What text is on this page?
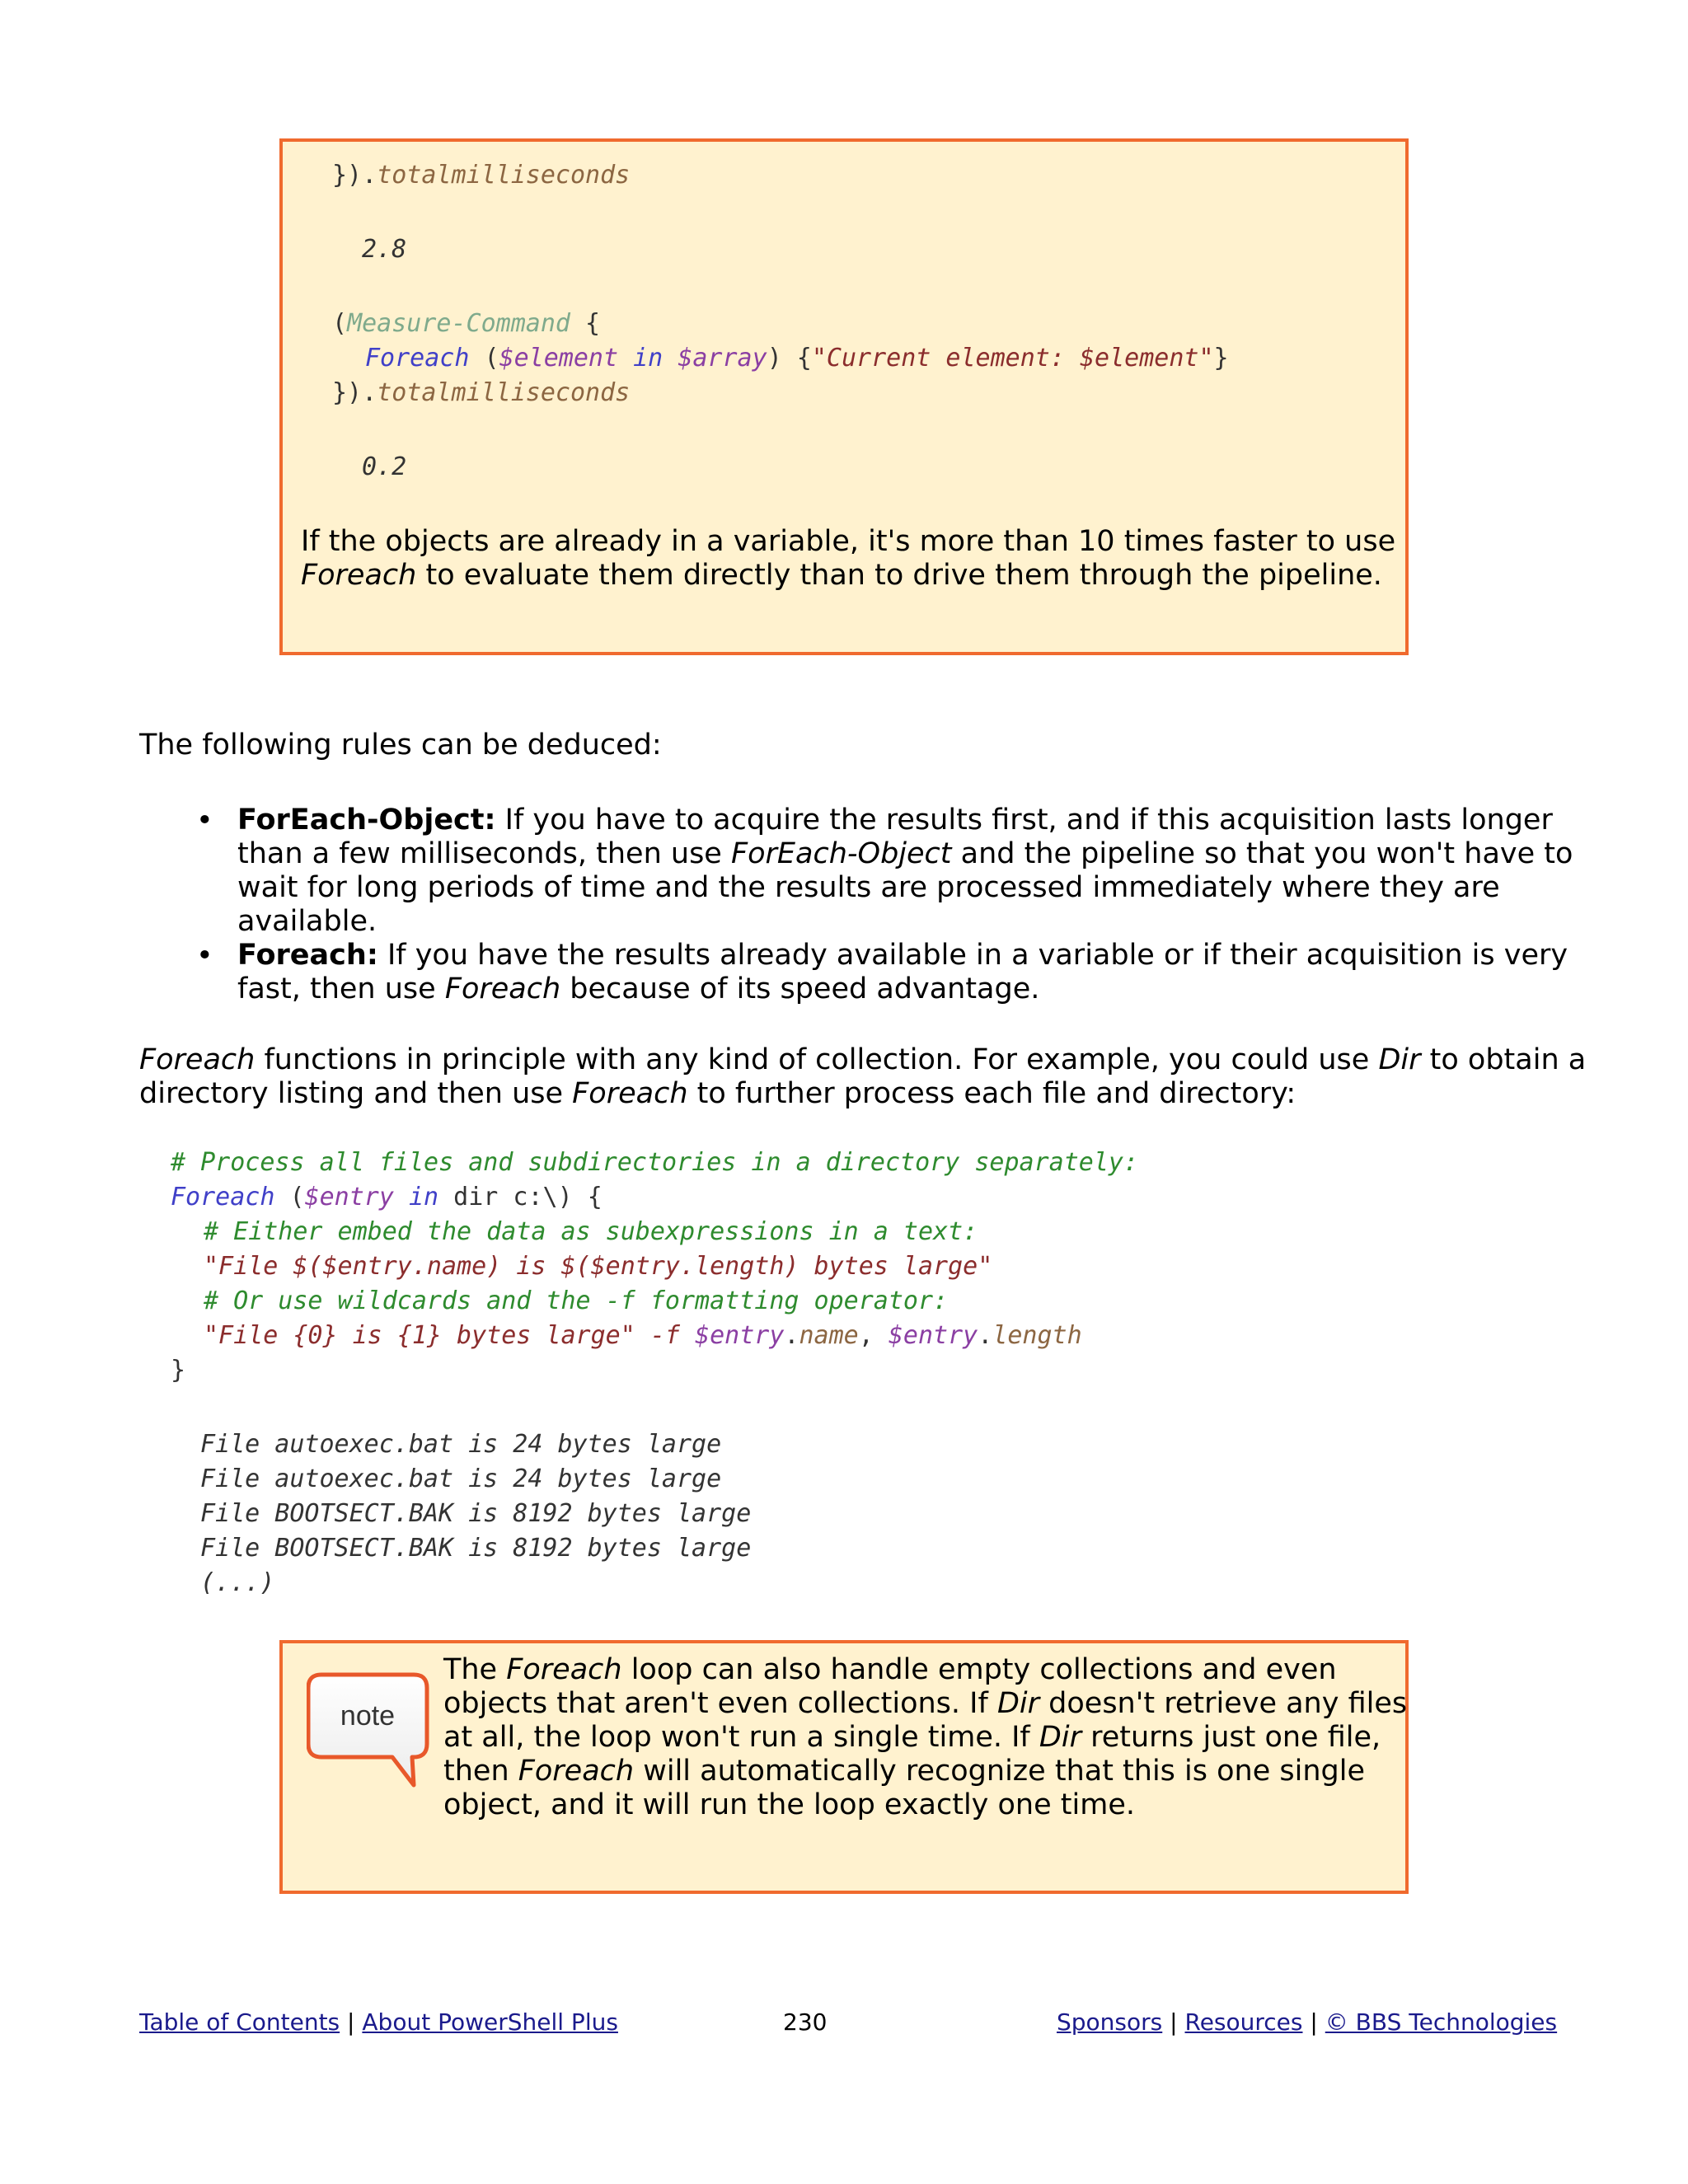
}).totalmilliseconds
2.8
(Measure-Command {
Foreach ($element in $array) {"Current element: $element"}
}).totalmilliseconds
0.2

If the objects are already in a variable, it's more than 10 times faster to use

Foreach to evaluate them directly than to drive them through the pipeline.

The following rules can be deduced:
• ForEach-Object: If you have to acquire the results first, and if this acquisition lasts longer
than a few milliseconds, then use ForEach-Object and the pipeline so that you won't have to
wait for long periods of time and the results are processed immediately where they are
available.
• Foreach: If you have the results already available in a variable or if their acquisition is very
fast, then use Foreach because of its speed advantage.

Foreach functions in principle with any kind of collection. For example, you could use Dir to obtain a

directory listing and then use Foreach to further process each file and directory:

# Process all files and subdirectories in a directory separately:
Foreach ($entry in dir c:\) {
# Either embed the data as subexpressions in a text:
"File $($entry.name) is $($entry.length) bytes large"
# Or use wildcards and the -f formatting operator:
"File {0} is {1} bytes large" -f $entry.name, $entry.length
}
File autoexec.bat is 24 bytes large
File autoexec.bat is 24 bytes large
File BOOTSECT.BAK is 8192 bytes large
File BOOTSECT.BAK is 8192 bytes large
(...)
note

The Foreach loop can also handle empty collections and even

objects that aren't even collections. If Dir doesn't retrieve any files

at all, the loop won't run a single time. If Dir returns just one file,

then Foreach will automatically recognize that this is one single

object, and it will run the loop exactly one time.

Table of Contents | About PowerShell Plus	230	Sponsors | Resources | © BBS Technologies
